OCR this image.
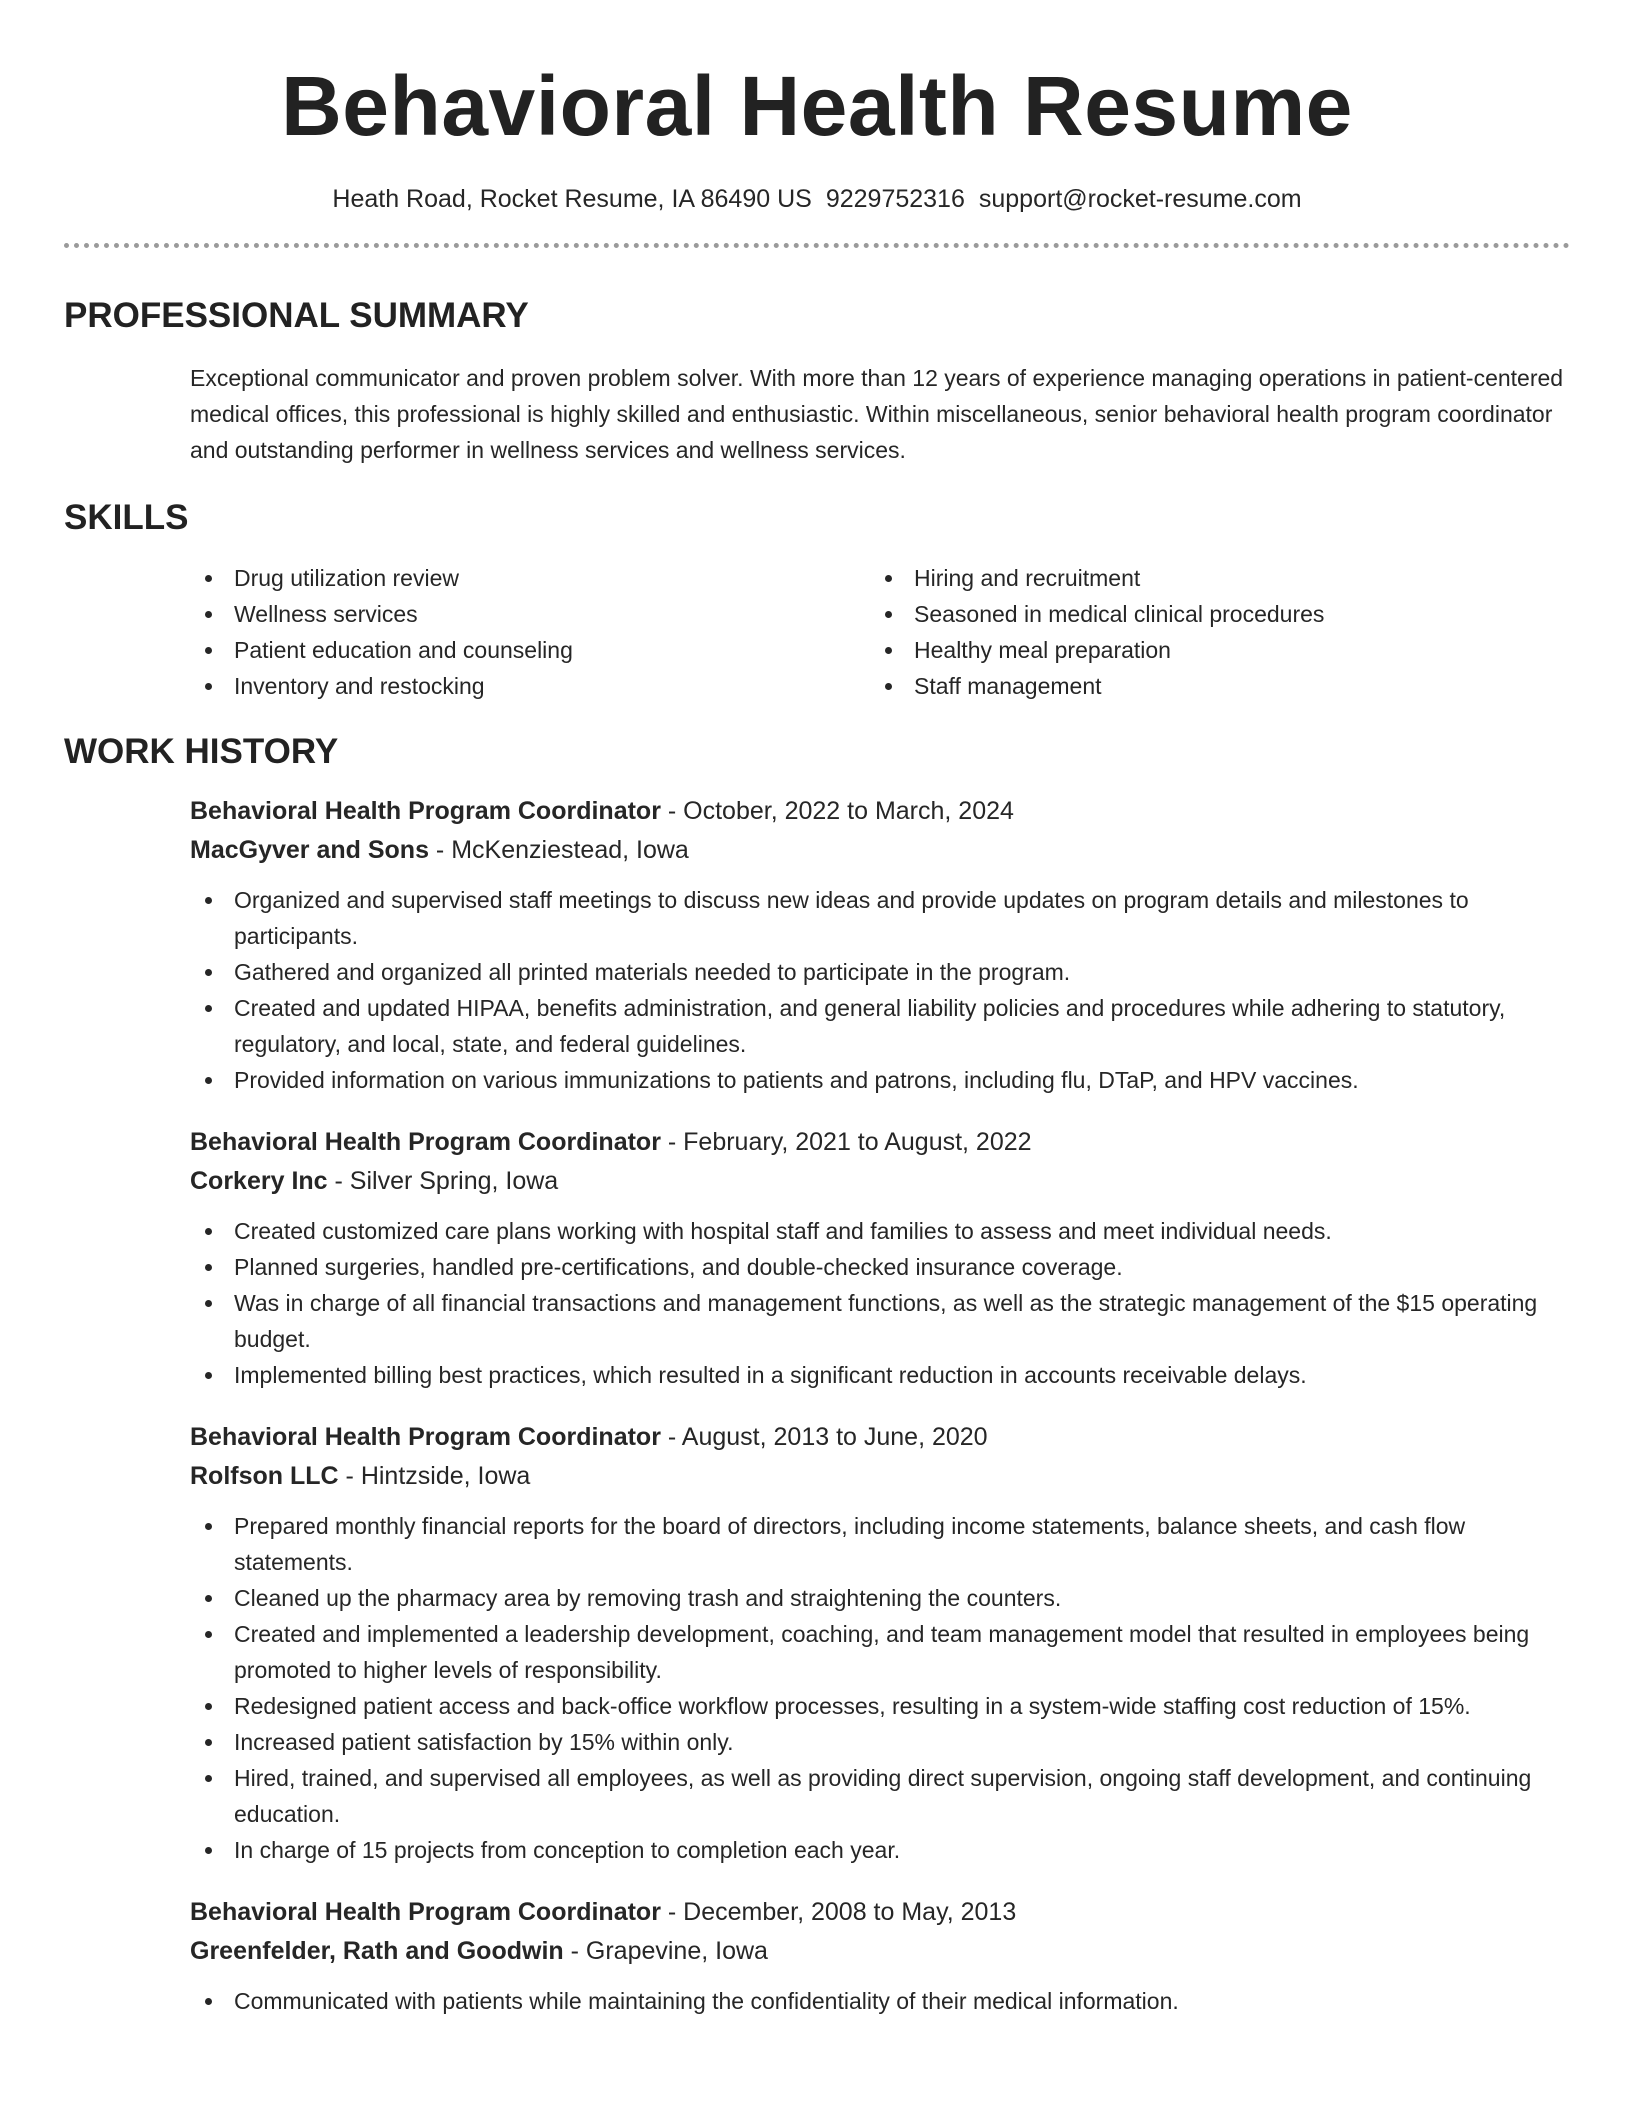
Behavioral Health Resume
Heath Road, Rocket Resume, IA 86490 US 9229752316 support@rocket-resume.com
PROFESSIONAL SUMMARY

Exceptional communicator and proven problem solver. With more than 12 years of experience managing operations in patient-centered medical offices, this professional is highly skilled and enthusiastic. Within miscellaneous, senior behavioral health program coordinator and outstanding performer in wellness services and wellness services.

SKILLS
Drug utilization review
Wellness services
Patient education and counseling
Inventory and restocking
Hiring and recruitment
Seasoned in medical clinical procedures
Healthy meal preparation
Staff management
WORK HISTORY
Behavioral Health Program Coordinator - October, 2022 to March, 2024
MacGyver and Sons - McKenziestead, Iowa
Organized and supervised staff meetings to discuss new ideas and provide updates on program details and milestones to participants.
Gathered and organized all printed materials needed to participate in the program.
Created and updated HIPAA, benefits administration, and general liability policies and procedures while adhering to statutory, regulatory, and local, state, and federal guidelines.
Provided information on various immunizations to patients and patrons, including flu, DTaP, and HPV vaccines.
Behavioral Health Program Coordinator - February, 2021 to August, 2022
Corkery Inc - Silver Spring, Iowa
Created customized care plans working with hospital staff and families to assess and meet individual needs.
Planned surgeries, handled pre-certifications, and double-checked insurance coverage.
Was in charge of all financial transactions and management functions, as well as the strategic management of the $15 operating budget.
Implemented billing best practices, which resulted in a significant reduction in accounts receivable delays.
Behavioral Health Program Coordinator - August, 2013 to June, 2020
Rolfson LLC - Hintzside, Iowa
Prepared monthly financial reports for the board of directors, including income statements, balance sheets, and cash flow statements.
Cleaned up the pharmacy area by removing trash and straightening the counters.
Created and implemented a leadership development, coaching, and team management model that resulted in employees being promoted to higher levels of responsibility.
Redesigned patient access and back-office workflow processes, resulting in a system-wide staffing cost reduction of 15%.
Increased patient satisfaction by 15% within only.
Hired, trained, and supervised all employees, as well as providing direct supervision, ongoing staff development, and continuing education.
In charge of 15 projects from conception to completion each year.
Behavioral Health Program Coordinator - December, 2008 to May, 2013
Greenfelder, Rath and Goodwin - Grapevine, Iowa
Communicated with patients while maintaining the confidentiality of their medical information.
